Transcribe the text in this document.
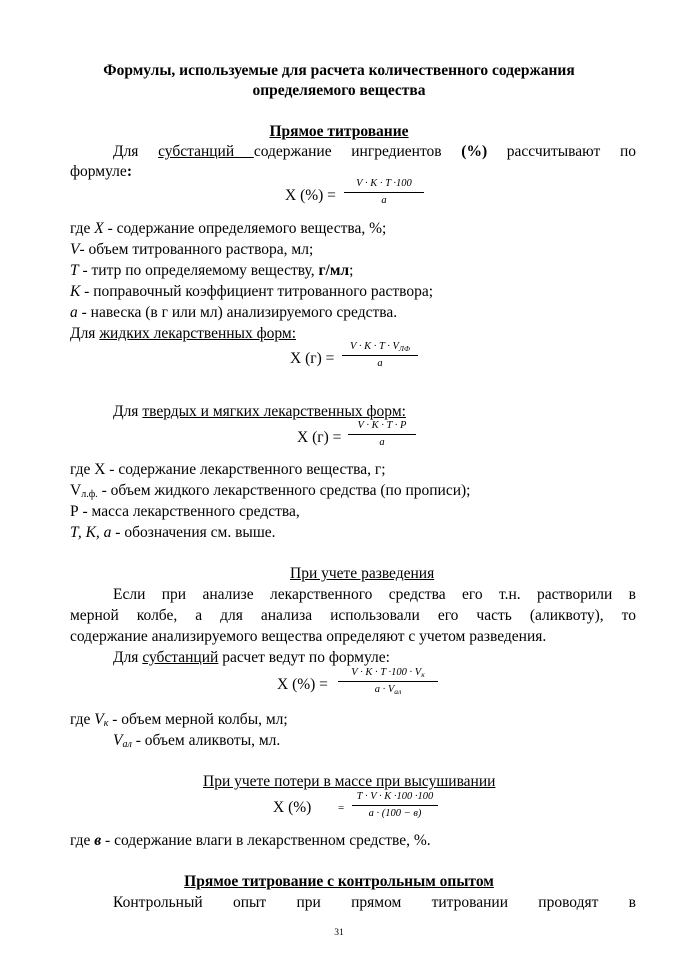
Формулы, используемые для расчета количественного содержания
определяемого вещества
Прямое титрование
Для субстанций содержание ингредиентов (%) рассчитывают по
формуле:
Х (%) = $\frac{V \cdot K \cdot T \cdot 100}{a}$
где Х - содержание определяемого вещества, %;
V- объем титрованного раствора, мл;
Т - титр по определяемому веществу, г/мл;
К - поправочный коэффициент титрованного раствора;
а - навеска (в г или мл) анализируемого средства.
Для жидких лекарственных форм:
Х (г) =
$V \cdot K \cdot T \cdot V_{ЛФ}$
a
Для твердых и мягких лекарственных форм:
Х $(г) = \frac{V \cdot K \cdot T \cdot P}{a}$
где Х - содержание лекарственного вещества, г;
$V_{л.ф.}$ - объем жидкого лекарственного средства (по прописи);
Р - масса лекарственного средства,
Т, К, а - обозначения см. выше.
При учете разведения
Если при анализе лекарственного средства его т.н. растворили в
мерной колбе, а для анализа использовали его часть (аликвоту), то
содержание анализируемого вещества определяют с учетом разведения.
Для субстанций расчет ведут по формуле:
Х (%) =
$V \cdot K \cdot T \cdot 100 \cdot V_к$
$a \cdot V_{ал}$
где $V_к$ - объем мерной колбы, мл;
$V_{ал}$ - объем аликвоты, мл.
При учете потери в массе при высушивании
Х (%) =
T · V · K ·100 ·100
a · (100 − в)
где в - содержание влаги в лекарственном средстве, %.
Прямое титрование с контрольным опытом
Контрольный опыт при прямом титровании проводят в
31
